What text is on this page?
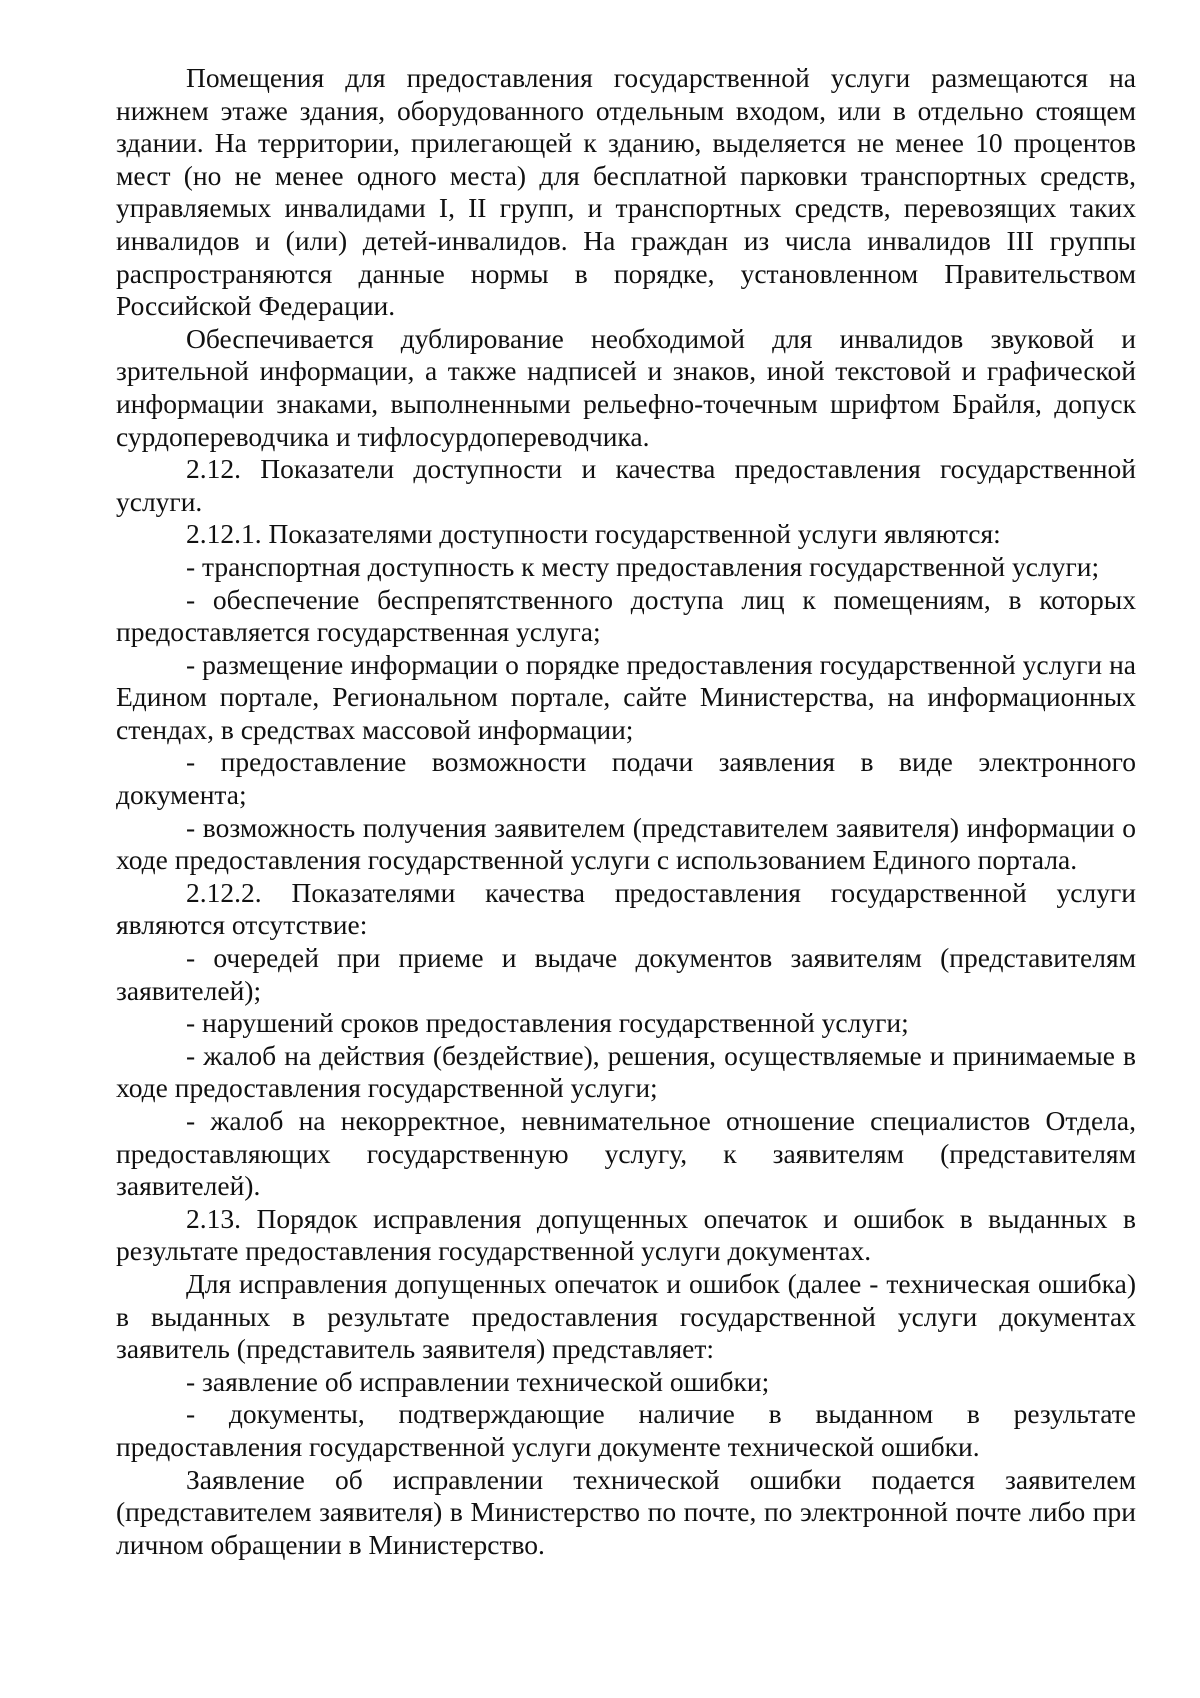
Помещения для предоставления государственной услуги размещаются на нижнем этаже здания, оборудованного отдельным входом, или в отдельно стоящем здании. На территории, прилегающей к зданию, выделяется не менее 10 процентов мест (но не менее одного места) для бесплатной парковки транспортных средств, управляемых инвалидами I, II групп, и транспортных средств, перевозящих таких инвалидов и (или) детей-инвалидов. На граждан из числа инвалидов III группы распространяются данные нормы в порядке, установленном Правительством Российской Федерации.

Обеспечивается дублирование необходимой для инвалидов звуковой и зрительной информации, а также надписей и знаков, иной текстовой и графической информации знаками, выполненными рельефно-точечным шрифтом Брайля, допуск сурдопереводчика и тифлосурдопереводчика.

2.12. Показатели доступности и качества предоставления государственной услуги.

2.12.1. Показателями доступности государственной услуги являются:

- транспортная доступность к месту предоставления государственной услуги;

- обеспечение беспрепятственного доступа лиц к помещениям, в которых предоставляется государственная услуга;

- размещение информации о порядке предоставления государственной услуги на Едином портале, Региональном портале, сайте Министерства, на информационных стендах, в средствах массовой информации;

- предоставление возможности подачи заявления в виде электронного документа;

- возможность получения заявителем (представителем заявителя) информации о ходе предоставления государственной услуги с использованием Единого портала.

2.12.2. Показателями качества предоставления государственной услуги являются отсутствие:

- очередей при приеме и выдаче документов заявителям (представителям заявителей);

- нарушений сроков предоставления государственной услуги;

- жалоб на действия (бездействие), решения, осуществляемые и принимаемые в ходе предоставления государственной услуги;

- жалоб на некорректное, невнимательное отношение специалистов Отдела, предоставляющих государственную услугу, к заявителям (представителям заявителей).

2.13. Порядок исправления допущенных опечаток и ошибок в выданных в результате предоставления государственной услуги документах.

Для исправления допущенных опечаток и ошибок (далее - техническая ошибка) в выданных в результате предоставления государственной услуги документах заявитель (представитель заявителя) представляет:

- заявление об исправлении технической ошибки;

- документы, подтверждающие наличие в выданном в результате предоставления государственной услуги документе технической ошибки.

Заявление об исправлении технической ошибки подается заявителем (представителем заявителя) в Министерство по почте, по электронной почте либо при личном обращении в Министерство.
